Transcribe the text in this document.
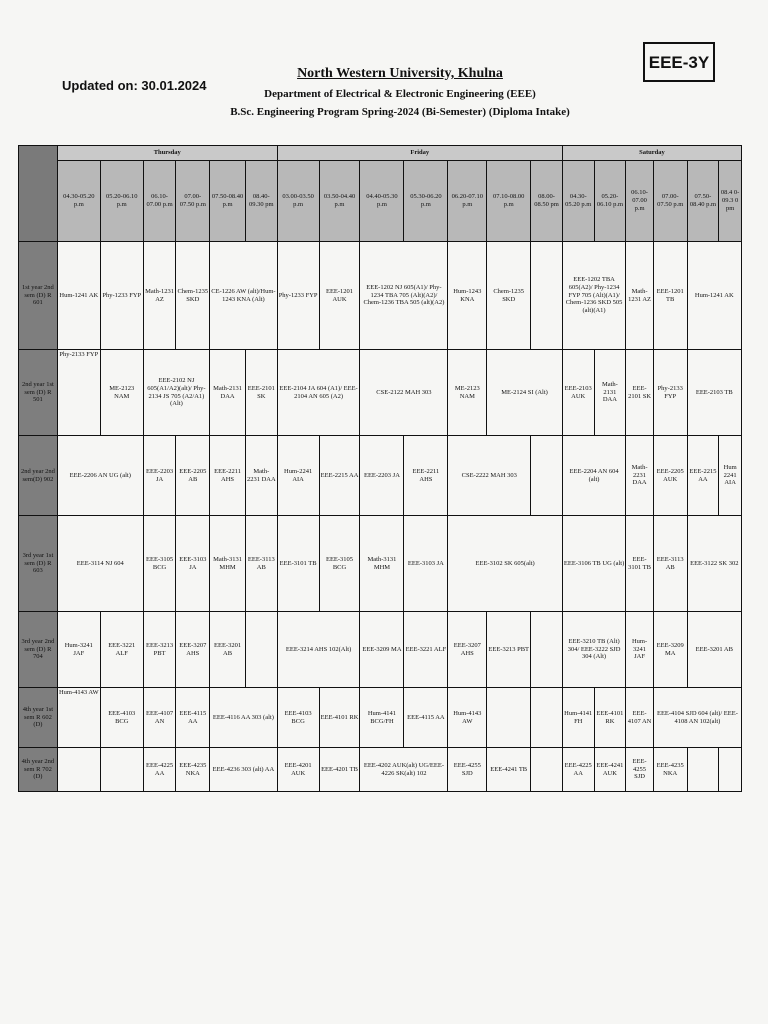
Updated on: 30.01.2024
North Western University, Khulna
Department of Electrical & Electronic Engineering (EEE)
B.Sc. Engineering Program Spring-2024 (Bi-Semester) (Diploma Intake)
EEE-3Y
	Thursday						Friday							Saturday					
	04.30-05.20 p.m	05.20-06.10 p.m	06.10-07.00 p.m	07.00-07.50 p.m	07.50-08.40 p.m	08.40-09.30 pm	03.00-03.50 p.m	03.50-04.40 p.m	04.40-05.30 p.m	05.30-06.20 p.m	06.20-07.10 p.m	07.10-08.00 p.m	08.00-08.50 pm	04.30-05.20 p.m	05.20-06.10 p.m	06.10-07.00 p.m	07.00-07.50 p.m	07.50-08.40 p.m	08.4 0-09.3 0 pm
1st year 2nd sem (D) R 601	Hum-1241 AK	Phy-1233 FYP	Math-1231 AZ	Chem-1235 SKD	CE-1226 AW (alt)/Hum-1243 KNA (Alt)		Phy-1233 FYP	EEE-1201 AUK	EEE-1202 NJ 605(A1)/ Phy-1234 TBA 705 (Alt)(A2)/ Chem-1236 TBA 505 (alt)(A2)		Hum-1243 KNA	Chem-1235 SKD		EEE-1202 TBA 605(A2)/ Phy-1234 FYP 705 (Alt)(A1)/ Chem-1236 SKD 505 (alt)(A1)		Math-1231 AZ	EEE-1201 TB	Hum-1241 AK	
2nd year 1st sem (D) R 501	Phy-2133 FYP	ME-2123 NAM	EEE-2102 NJ 605(A1/A2)(alt)/ Phy-2134 JS 705 (A2/A1) (Alt)		Math-2131 DAA	EEE-2101 SK	EEE-2104 JA 604 (A1)/ EEE-2104 AN 605 (A2)		CSE-2122 MAH 303		ME-2123 NAM	ME-2124 SI (Alt)		EEE-2103 AUK	Math-2131 DAA	EEE-2101 SK	Phy-2133 FYP	EEE-2103 TB	
2nd year 2nd sem(D) 902	EEE-2206 AN UG (alt)		EEE-2203 JA	EEE-2205 AB	EEE-2211 AHS	Math-2231 DAA	Hum-2241 AIA	EEE-2215 AA	EEE-2203 JA	EEE-2211 AHS	CSE-2222 MAH 303			EEE-2204 AN 604 (alt)		Math-2231 DAA	EEE-2205 AUK	EEE-2215 AA	Hum 2241 AIA
3rd year 1st sem (D) R 603	EEE-3114 NJ 604		EEE-3105 BCG	EEE-3103 JA	Math-3131 MHM	EEE-3113 AB	EEE-3101 TB	EEE-3105 BCG	Math-3131 MHM	EEE-3103 JA	EEE-3102 SK 605(alt)			EEE-3106 TB UG (alt)		EEE-3101 TB	EEE-3113 AB	EEE-3122 SK 302	
3rd year 2nd sem (D) R 704	Hum-3241 JAF	EEE-3221 ALF	EEE-3213 PBT	EEE-3207 AHS	EEE-3201 AB		EEE-3214 AHS 102(Alt)		EEE-3209 MA	EEE-3221 ALF	EEE-3207 AHS	EEE-3213 PBT		EEE-3210 TB (Alt) 304/ EEE-3222 SJD 304 (Alt)		Hum-3241 JAF	EEE-3209 MA	EEE-3201 AB	
4th year 1st sem R 602 (D)	Hum-4143 AW	EEE-4103 BCG	EEE-4107 AN	EEE-4115 AA	EEE-4116 AA 303 (alt)		EEE-4103 BCG	EEE-4101 RK	Hum-4141 BCG/FH	EEE-4115 AA	Hum-4143 AW			Hum-4141 FH	EEE-4101 RK	EEE-4107 AN	EEE-4104 SJD 604 (alt)/ EEE-4108 AN 102(alt)		
4th year 2nd sem R 702 (D)			EEE-4225 AA	EEE-4235 NKA	EEE-4236 303 (alt) AA		EEE-4201 AUK	EEE-4201 TB	EEE-4202 AUK(alt) UG/EEE-4226 SK(alt) 102		EEE-4255 SJD	EEE-4241 TB		EEE-4225 AA	EEE-4241 AUK	EEE-4255 SJD	EEE-4235 NKA		
